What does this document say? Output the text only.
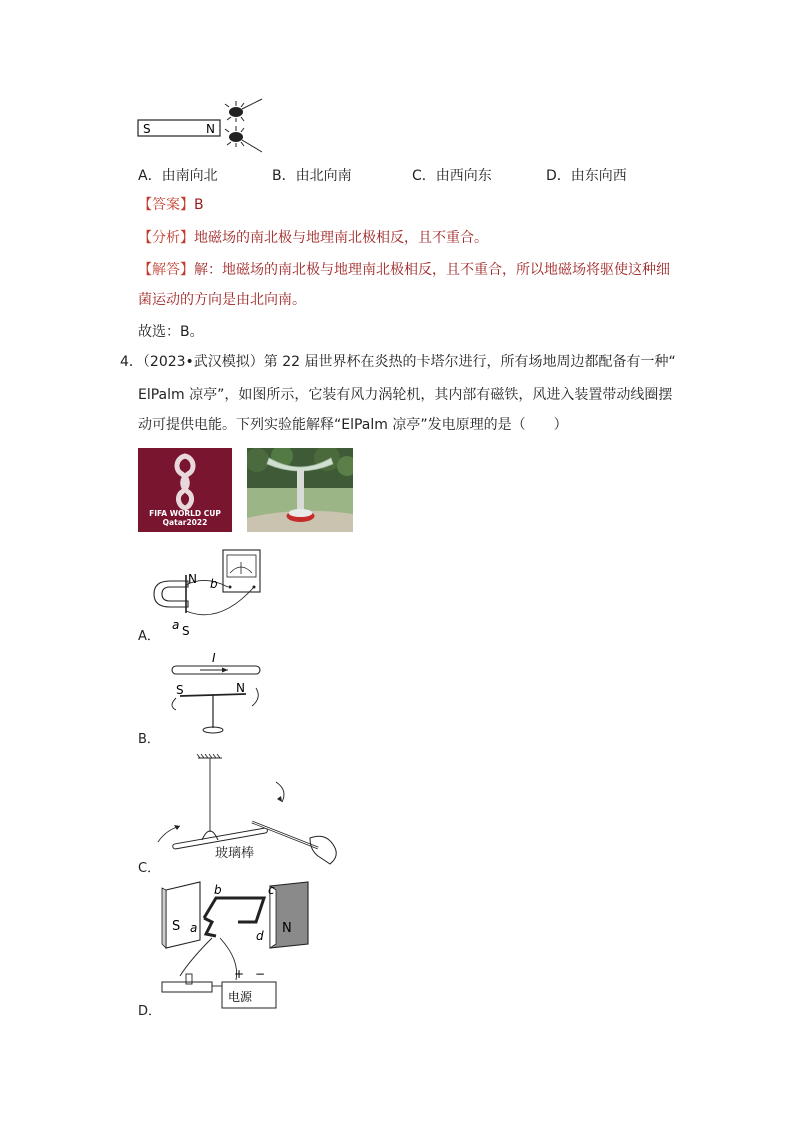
S	N
A．由南向北	B．由北向南	C．由西向东	D．由东向西
【答案】B
【分析】地磁场的南北极与地理南北极相反，且不重合。
【解答】解：地磁场的南北极与地理南北极相反，且不重合，所以地磁场将驱使这种细
菌运动的方向是由北向南。
故选：B。
4．（2023•武汉模拟）第 22 届世界杯在炎热的卡塔尔进行，所有场地周边都配备有一种“
ElPalm 凉亭”，如图所示，它装有风力涡轮机，其内部有磁铁，风进入装置带动线圈摆
动可提供电能。下列实验能解释“ElPalm 凉亭”发电原理的是（　　）
FIFA WORLD CUP
Qatar2022
N
S
b
a
A．
I
S	N
B．
玻璃棒
C．
S	N
b	c
a
d
+ −
电源
D．
